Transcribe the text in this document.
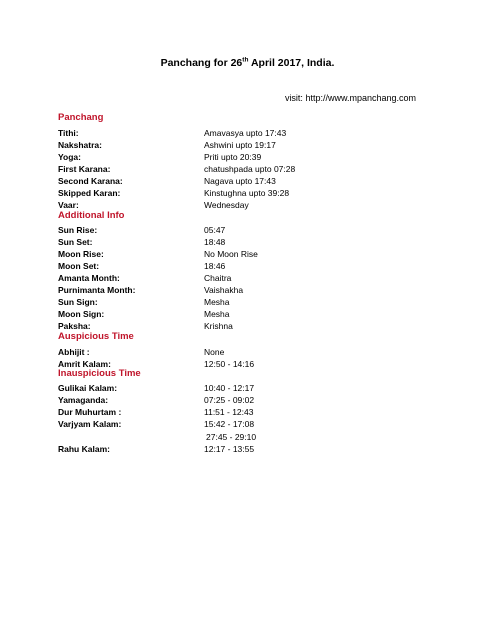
Panchang for 26th April 2017, India.
visit: http://www.mpanchang.com
Panchang
Tithi:	Amavasya upto 17:43
Nakshatra:	Ashwini upto 19:17
Yoga:	Priti upto 20:39
First Karana:	chatushpada upto 07:28
Second Karana:	Nagava upto 17:43
Skipped Karan:	Kinstughna upto 39:28
Vaar:	Wednesday
Additional Info
Sun Rise:	05:47
Sun Set:	18:48
Moon Rise:	No Moon Rise
Moon Set:	18:46
Amanta Month:	Chaitra
Purnimanta Month:	Vaishakha
Sun Sign:	Mesha
Moon Sign:	Mesha
Paksha:	Krishna
Auspicious Time
Abhijit :	None
Amrit Kalam:	12:50 - 14:16
Inauspicious Time
Gulikai Kalam:	10:40 - 12:17
Yamaganda:	07:25 - 09:02
Dur Muhurtam :	11:51 - 12:43
Varjyam Kalam:	15:42 - 17:08
27:45 - 29:10
Rahu Kalam:	12:17 - 13:55
